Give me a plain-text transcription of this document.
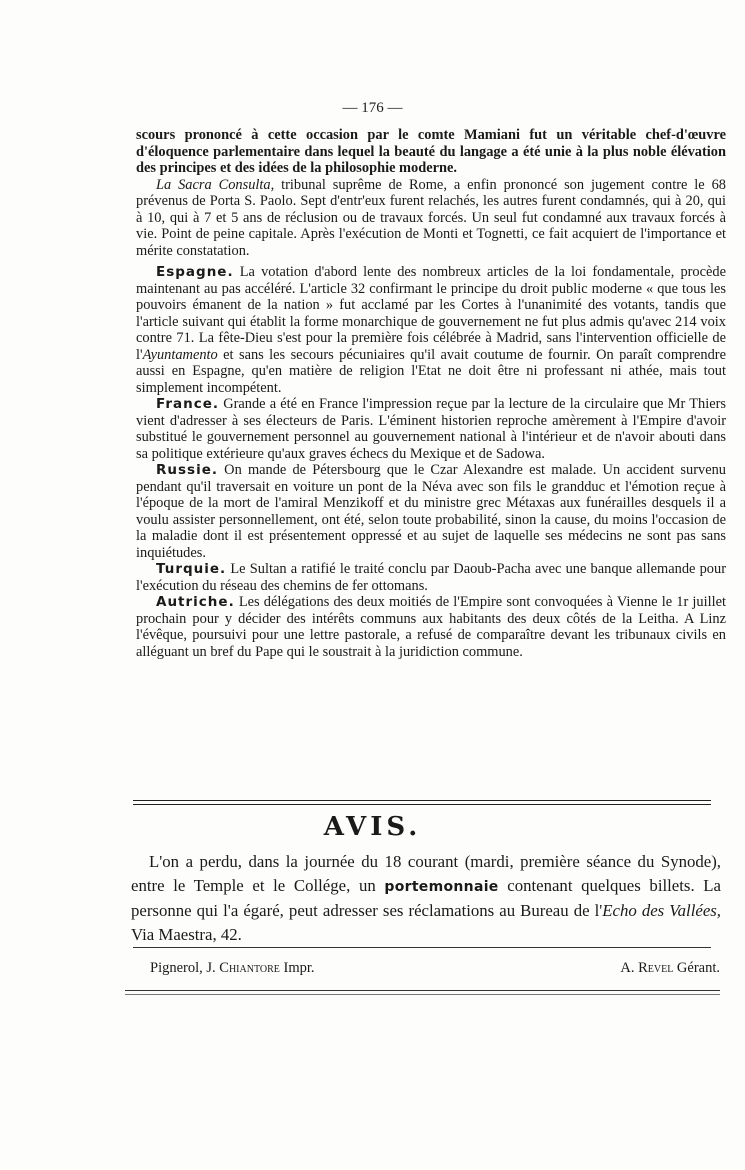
— 176 —

scours prononcé à cette occasion par le comte Mamiani fut un véritable chef-d'œuvre d'éloquence parlementaire dans lequel la beauté du langage a été unie à la plus noble élévation des principes et des idées de la philosophie moderne.

La Sacra Consulta, tribunal suprême de Rome, a enfin prononcé son jugement contre le 68 prévenus de Porta S. Paolo. Sept d'entr'eux furent relachés, les autres furent condamnés, qui à 20, qui à 10, qui à 7 et 5 ans de réclusion ou de travaux forcés. Un seul fut condamné aux travaux forcés à vie. Point de peine capitale. Après l'exécution de Monti et Tognetti, ce fait acquiert de l'importance et mérite constatation.

Espagne. La votation d'abord lente des nombreux articles de la loi fondamentale, procède maintenant au pas accéléré. L'article 32 confirmant le principe du droit public moderne « que tous les pouvoirs émanent de la nation » fut acclamé par les Cortes à l'unanimité des votants, tandis que l'article suivant qui établit la forme monarchique de gouvernement ne fut plus admis qu'avec 214 voix contre 71. La fête-Dieu s'est pour la première fois célébrée à Madrid, sans l'intervention officielle de l'Ayuntamento et sans les secours pécuniaires qu'il avait coutume de fournir. On paraît comprendre aussi en Espagne, qu'en matière de religion l'Etat ne doit être ni professant ni athée, mais tout simplement incompétent.

France. Grande a été en France l'impression reçue par la lecture de la circulaire que Mr Thiers vient d'adresser à ses électeurs de Paris. L'éminent historien reproche amèrement à l'Empire d'avoir substitué le gouvernement personnel au gouvernement national à l'intérieur et de n'avoir abouti dans sa politique extérieure qu'aux graves échecs du Mexique et de Sadowa.

Russie. On mande de Pétersbourg que le Czar Alexandre est malade. Un accident survenu pendant qu'il traversait en voiture un pont de la Néva avec son fils le grandduc et l'émotion reçue à l'époque de la mort de l'amiral Menzikoff et du ministre grec Métaxas aux funérailles desquels il a voulu assister personnellement, ont été, selon toute probabilité, sinon la cause, du moins l'occasion de la maladie dont il est présentement oppressé et au sujet de laquelle ses médecins ne sont pas sans inquiétudes.

Turquie. Le Sultan a ratifié le traité conclu par Daoub-Pacha avec une banque allemande pour l'exécution du réseau des chemins de fer ottomans.

Autriche. Les délégations des deux moitiés de l'Empire sont convoquées à Vienne le 1r juillet prochain pour y décider des intérêts communs aux habitants des deux côtés de la Leitha. A Linz l'évêque, poursuivi pour une lettre pastorale, a refusé de comparaître devant les tribunaux civils en alléguant un bref du Pape qui le soustrait à la juridiction commune.

AVIS.

L'on a perdu, dans la journée du 18 courant (mardi, première séance du Synode), entre le Temple et le Collége, un portemonnaie contenant quelques billets. La personne qui l'a égaré, peut adresser ses réclamations au Bureau de l'Echo des Vallées, Via Maestra, 42.

Pignerol, J. Chiantore Impr.	A. Revel Gérant.
